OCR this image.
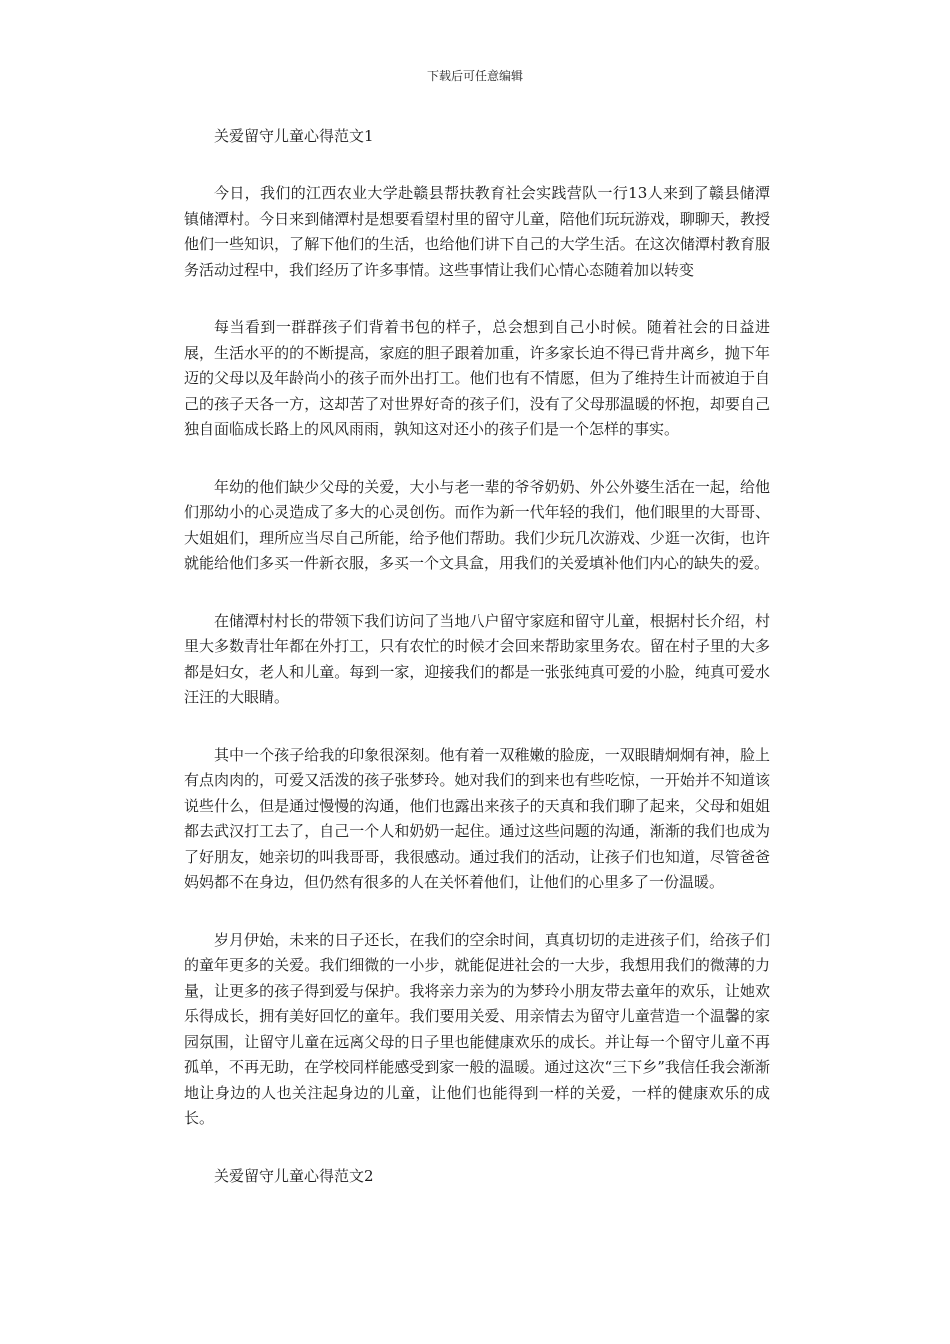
下载后可任意编辑
关爱留守儿童心得范文1

今日，我们的江西农业大学赴赣县帮扶教育社会实践营队一行13人来到了赣县储潭镇储潭村。今日来到储潭村是想要看望村里的留守儿童，陪他们玩玩游戏，聊聊天，教授他们一些知识，了解下他们的生活，也给他们讲下自己的大学生活。在这次储潭村教育服务活动过程中，我们经历了许多事情。这些事情让我们心情心态随着加以转变

每当看到一群群孩子们背着书包的样子，总会想到自己小时候。随着社会的日益进展，生活水平的的不断提高，家庭的胆子跟着加重，许多家长迫不得已背井离乡，抛下年迈的父母以及年龄尚小的孩子而外出打工。他们也有不情愿，但为了维持生计而被迫于自己的孩子天各一方，这却苦了对世界好奇的孩子们，没有了父母那温暖的怀抱，却要自己独自面临成长路上的风风雨雨，孰知这对还小的孩子们是一个怎样的事实。

年幼的他们缺少父母的关爱，大小与老一辈的爷爷奶奶、外公外婆生活在一起，给他们那幼小的心灵造成了多大的心灵创伤。而作为新一代年轻的我们，他们眼里的大哥哥、大姐姐们，理所应当尽自己所能，给予他们帮助。我们少玩几次游戏、少逛一次街，也许就能给他们多买一件新衣服，多买一个文具盒，用我们的关爱填补他们内心的缺失的爱。

在储潭村村长的带领下我们访问了当地八户留守家庭和留守儿童，根据村长介绍，村里大多数青壮年都在外打工，只有农忙的时候才会回来帮助家里务农。留在村子里的大多都是妇女，老人和儿童。每到一家，迎接我们的都是一张张纯真可爱的小脸，纯真可爱水汪汪的大眼睛。

其中一个孩子给我的印象很深刻。他有着一双稚嫩的脸庞，一双眼睛炯炯有神，脸上有点肉肉的，可爱又活泼的孩子张梦玲。她对我们的到来也有些吃惊，一开始并不知道该说些什么，但是通过慢慢的沟通，他们也露出来孩子的天真和我们聊了起来，父母和姐姐都去武汉打工去了，自己一个人和奶奶一起住。通过这些问题的沟通，渐渐的我们也成为了好朋友，她亲切的叫我哥哥，我很感动。通过我们的活动，让孩子们也知道，尽管爸爸妈妈都不在身边，但仍然有很多的人在关怀着他们，让他们的心里多了一份温暖。

岁月伊始，未来的日子还长，在我们的空余时间，真真切切的走进孩子们，给孩子们的童年更多的关爱。我们细微的一小步，就能促进社会的一大步，我想用我们的微薄的力量，让更多的孩子得到爱与保护。我将亲力亲为的为梦玲小朋友带去童年的欢乐，让她欢乐得成长，拥有美好回忆的童年。我们要用关爱、用亲情去为留守儿童营造一个温馨的家园氛围，让留守儿童在远离父母的日子里也能健康欢乐的成长。并让每一个留守儿童不再孤单，不再无助，在学校同样能感受到家一般的温暖。通过这次“三下乡”我信任我会渐渐地让身边的人也关注起身边的儿童，让他们也能得到一样的关爱，一样的健康欢乐的成长。

关爱留守儿童心得范文2
